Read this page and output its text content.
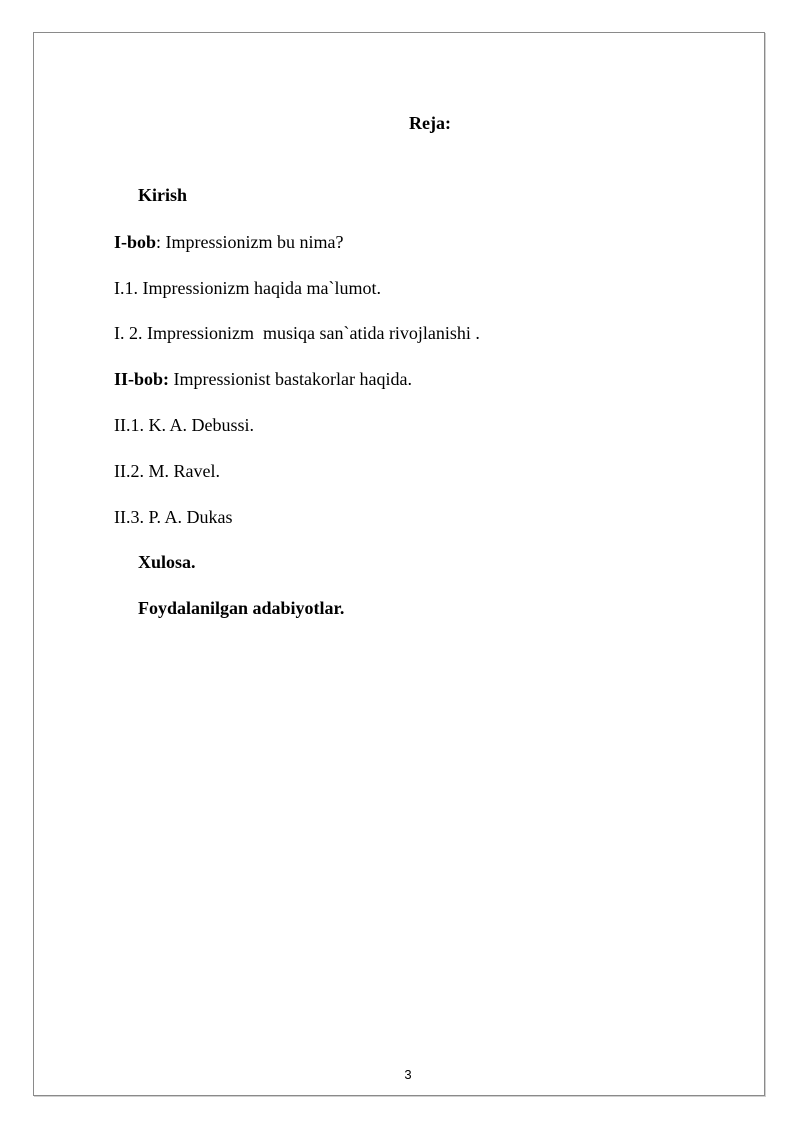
Reja:
Kirish
I-bob: Impressionizm bu nima?
I.1. Impressionizm haqida ma`lumot.
I. 2. Impressionizm  musiqa san`atida rivojlanishi .
II-bob: Impressionist bastakorlar haqida.
II.1. K. A. Debussi.
II.2. M. Ravel.
II.3. P. A. Dukas
Xulosa.
Foydalanilgan adabiyotlar.
3
